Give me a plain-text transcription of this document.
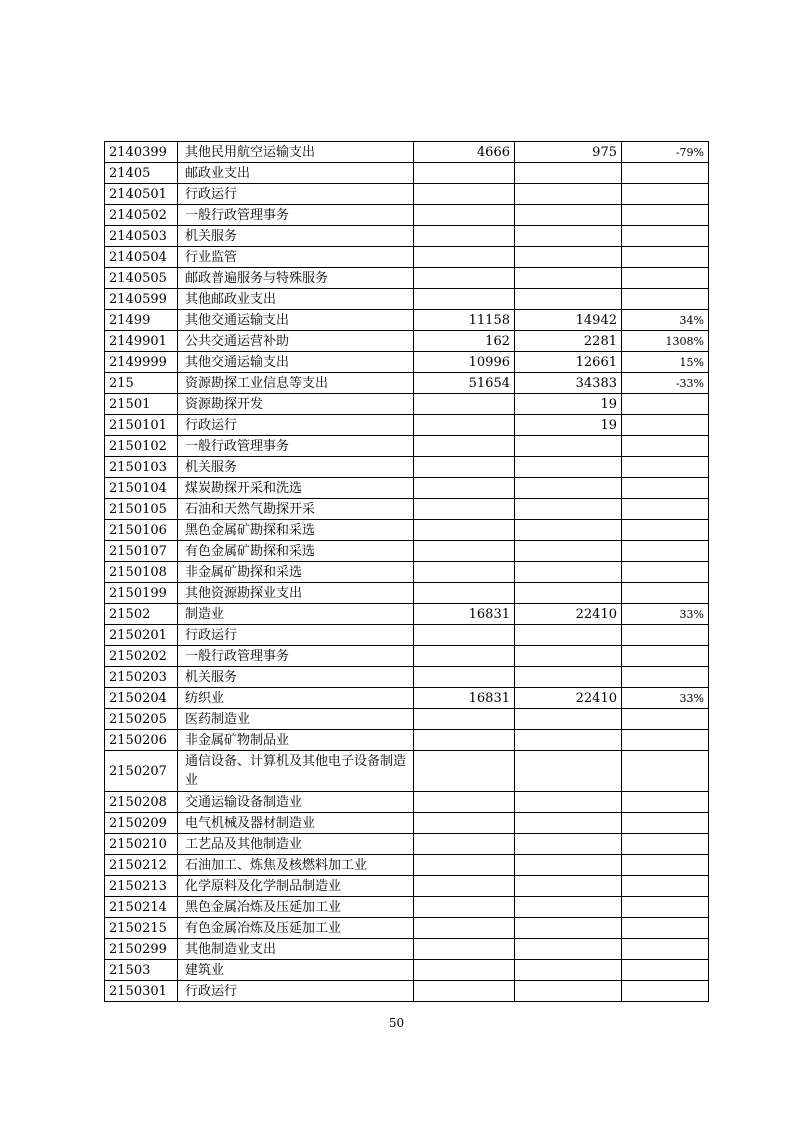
2140399	其他民用航空运输支出	4666	975	-79%
21405	邮政业支出			
2140501	行政运行			
2140502	一般行政管理事务			
2140503	机关服务			
2140504	行业监管			
2140505	邮政普遍服务与特殊服务			
2140599	其他邮政业支出			
21499	其他交通运输支出	11158	14942	34%
2149901	公共交通运营补助	162	2281	1308%
2149999	其他交通运输支出	10996	12661	15%
215	资源勘探工业信息等支出	51654	34383	-33%
21501	资源勘探开发		19	
2150101	行政运行		19	
2150102	一般行政管理事务			
2150103	机关服务			
2150104	煤炭勘探开采和洗选			
2150105	石油和天然气勘探开采			
2150106	黑色金属矿勘探和采选			
2150107	有色金属矿勘探和采选			
2150108	非金属矿勘探和采选			
2150199	其他资源勘探业支出			
21502	制造业	16831	22410	33%
2150201	行政运行			
2150202	一般行政管理事务			
2150203	机关服务			
2150204	纺织业	16831	22410	33%
2150205	医药制造业			
2150206	非金属矿物制品业			
2150207	通信设备、计算机及其他电子设备制造业			
2150208	交通运输设备制造业			
2150209	电气机械及器材制造业			
2150210	工艺品及其他制造业			
2150212	石油加工、炼焦及核燃料加工业			
2150213	化学原料及化学制品制造业			
2150214	黑色金属冶炼及压延加工业			
2150215	有色金属冶炼及压延加工业			
2150299	其他制造业支出			
21503	建筑业			
2150301	行政运行			
50
